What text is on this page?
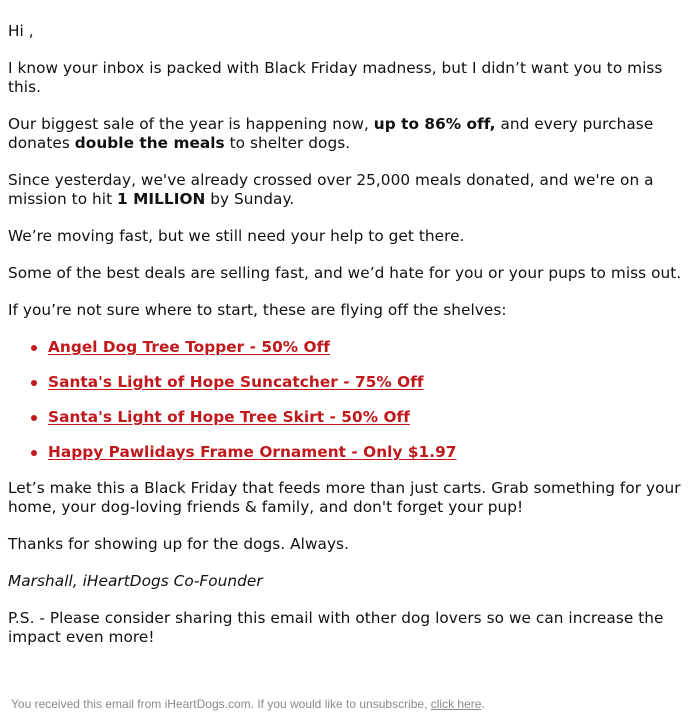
Hi ,

I know your inbox is packed with Black Friday madness, but I didn’t want you to miss this.

Our biggest sale of the year is happening now, up to 86% off, and every purchase donates double the meals to shelter dogs.

Since yesterday, we've already crossed over 25,000 meals donated, and we're on a mission to hit 1 MILLION by Sunday.

We’re moving fast, but we still need your help to get there.

Some of the best deals are selling fast, and we’d hate for you or your pups to miss out.

If you’re not sure where to start, these are flying off the shelves:

Angel Dog Tree Topper - 50% Off
Santa's Light of Hope Suncatcher - 75% Off
Santa's Light of Hope Tree Skirt - 50% Off
Happy Pawlidays Frame Ornament - Only $1.97

Let’s make this a Black Friday that feeds more than just carts. Grab something for your home, your dog-loving friends & family, and don't forget your pup!

Thanks for showing up for the dogs. Always.

Marshall, iHeartDogs Co-Founder

P.S. - Please consider sharing this email with other dog lovers so we can increase the impact even more!

You received this email from iHeartDogs.com. If you would like to unsubscribe, click here.
